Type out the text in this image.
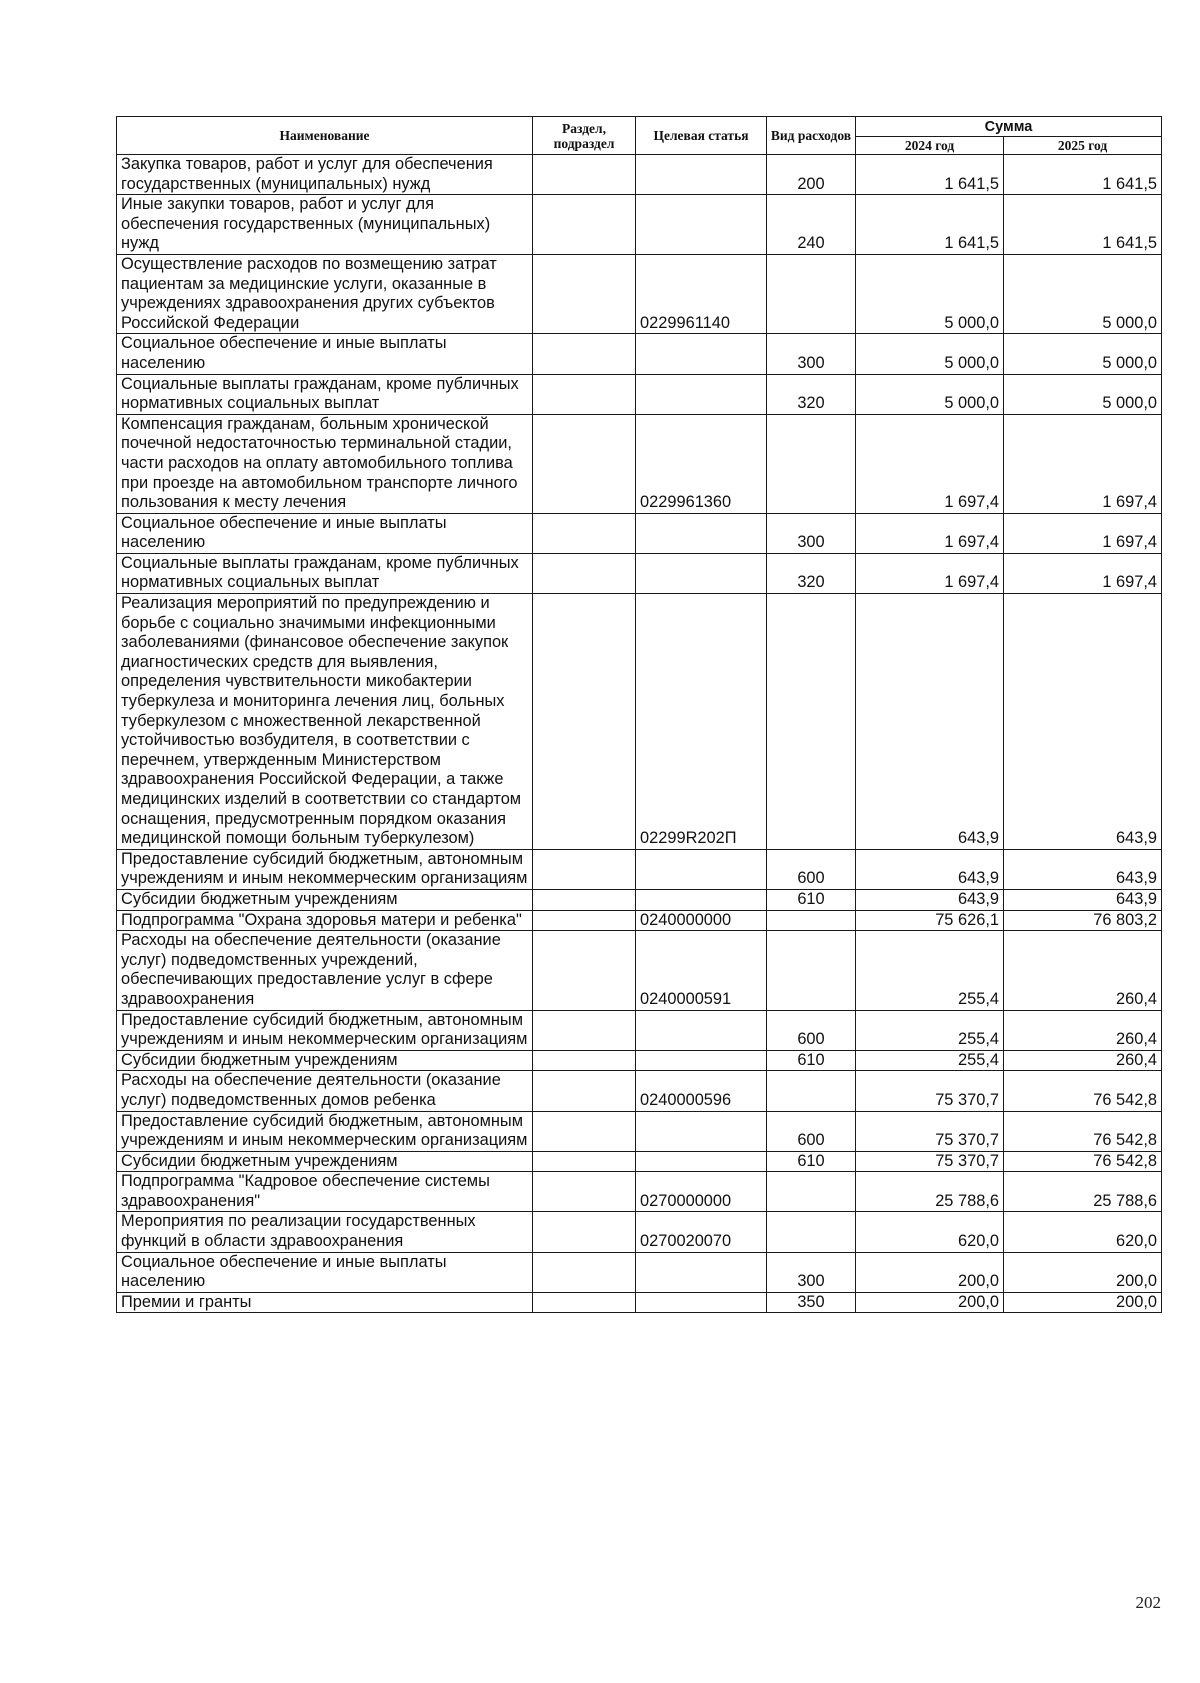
Наименование	Раздел, подраздел	Целевая статья	Вид расходов	Сумма	
				2024 год	2025 год
Закупка товаров, работ и услуг для обеспечения государственных (муниципальных) нужд			200	1 641,5	1 641,5
Иные закупки товаров, работ и услуг для обеспечения государственных (муниципальных) нужд			240	1 641,5	1 641,5
Осуществление расходов по возмещению затрат пациентам за медицинские услуги, оказанные в учреждениях здравоохранения других субъектов Российской Федерации		0229961140		5 000,0	5 000,0
Социальное обеспечение и иные выплаты населению			300	5 000,0	5 000,0
Социальные выплаты гражданам, кроме публичных нормативных социальных выплат			320	5 000,0	5 000,0
Компенсация гражданам, больным хронической почечной недостаточностью терминальной стадии, части расходов на оплату автомобильного топлива при проезде на автомобильном транспорте личного пользования к месту лечения		0229961360		1 697,4	1 697,4
Социальное обеспечение и иные выплаты населению			300	1 697,4	1 697,4
Социальные выплаты гражданам, кроме публичных нормативных социальных выплат			320	1 697,4	1 697,4
Реализация мероприятий по предупреждению и борьбе с социально значимыми инфекционными заболеваниями (финансовое обеспечение закупок диагностических средств для выявления, определения чувствительности микобактерии туберкулеза и мониторинга лечения лиц, больных туберкулезом с множественной лекарственной устойчивостью возбудителя, в соответствии с перечнем, утвержденным Министерством здравоохранения Российской Федерации, а также медицинских изделий в соответствии со стандартом оснащения, предусмотренным порядком оказания медицинской помощи больным туберкулезом)		02299R202П		643,9	643,9
Предоставление субсидий бюджетным, автономным учреждениям и иным некоммерческим организациям			600	643,9	643,9
Субсидии бюджетным учреждениям			610	643,9	643,9
Подпрограмма "Охрана здоровья матери и ребенка"		0240000000		75 626,1	76 803,2
Расходы на обеспечение деятельности (оказание услуг) подведомственных учреждений, обеспечивающих предоставление услуг в сфере здравоохранения		0240000591		255,4	260,4
Предоставление субсидий бюджетным, автономным учреждениям и иным некоммерческим организациям			600	255,4	260,4
Субсидии бюджетным учреждениям			610	255,4	260,4
Расходы на обеспечение деятельности (оказание услуг) подведомственных домов ребенка		0240000596		75 370,7	76 542,8
Предоставление субсидий бюджетным, автономным учреждениям и иным некоммерческим организациям			600	75 370,7	76 542,8
Субсидии бюджетным учреждениям			610	75 370,7	76 542,8
Подпрограмма "Кадровое обеспечение системы здравоохранения"		0270000000		25 788,6	25 788,6
Мероприятия по реализации государственных функций в области здравоохранения		0270020070		620,0	620,0
Социальное обеспечение и иные выплаты населению			300	200,0	200,0
Премии и гранты			350	200,0	200,0
202
